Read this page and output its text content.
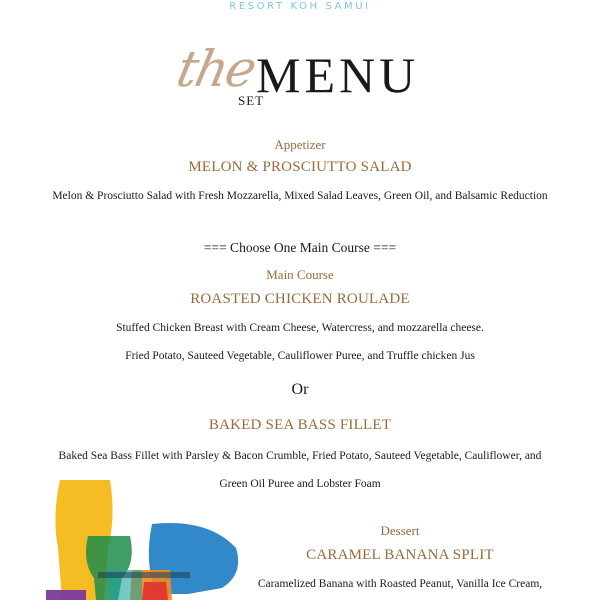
RESORT KOH SAMUI
the
MENU
SET
Appetizer
MELON & PROSCIUTTO SALAD
Melon & Prosciutto Salad with Fresh Mozzarella, Mixed Salad Leaves, Green Oil, and Balsamic Reduction
=== Choose One Main Course ===
Main Course
ROASTED CHICKEN ROULADE
Stuffed Chicken Breast with Cream Cheese, Watercress, and mozzarella cheese.
Fried Potato, Sauteed Vegetable, Cauliflower Puree, and Truffle chicken Jus
Or
BAKED SEA BASS FILLET
Baked Sea Bass Fillet with Parsley & Bacon Crumble, Fried Potato, Sauteed Vegetable, Cauliflower, and
Green Oil Puree and Lobster Foam
Dessert
CARAMEL BANANA SPLIT
Caramelized Banana with Roasted Peanut, Vanilla Ice Cream,
